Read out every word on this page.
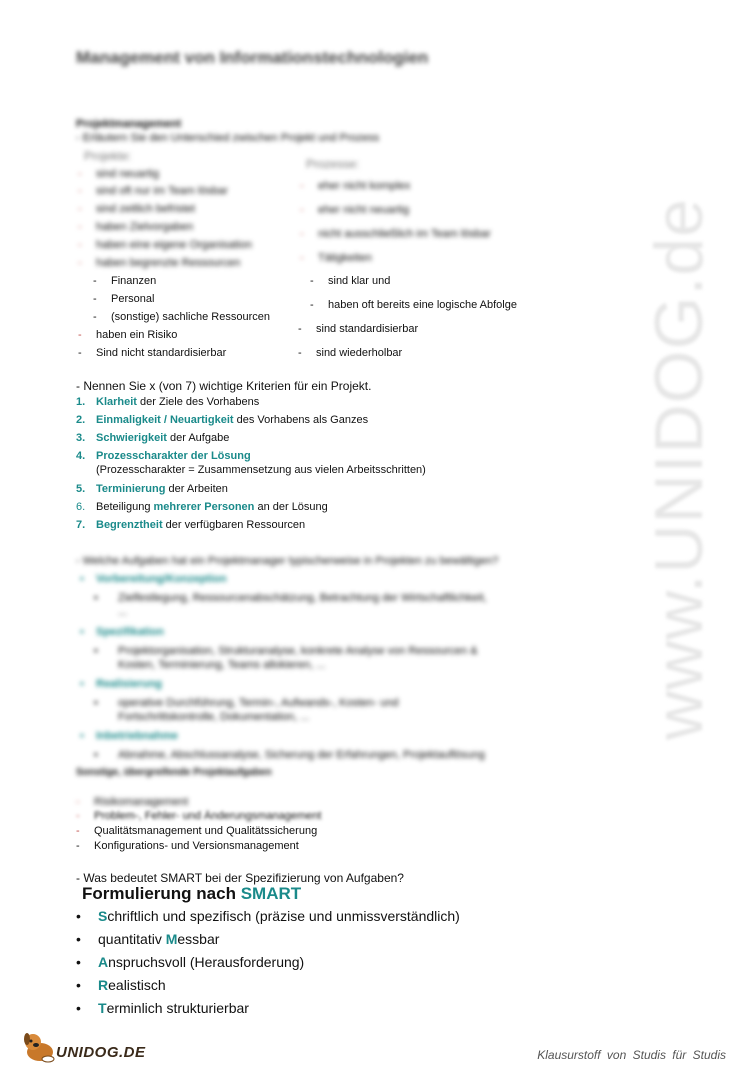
www.UNIDOG.de
Management von Informationstechnologien
Projektmanagement
- Erläutern Sie den Unterschied zwischen Projekt und Prozess
Projekte:
Prozesse:
- sind neuartig
- sind oft nur im Team lösbar
- sind zeitlich befristet
- haben Zielvorgaben
- haben eine eigene Organisation
- haben begrenzte Ressourcen
- Finanzen
- Personal
- (sonstige) sachliche Ressourcen
- haben ein Risiko
- Sind nicht standardisierbar
- eher nicht komplex
- eher nicht neuartig
- nicht ausschließlich im Team lösbar
- Tätigkeiten
- sind klar und
- haben oft bereits eine logische Abfolge
- sind standardisierbar
- sind wiederholbar
- Nennen Sie x (von 7) wichtige Kriterien für ein Projekt.
1. Klarheit der Ziele des Vorhabens
2. Einmaligkeit / Neuartigkeit des Vorhabens als Ganzes
3. Schwierigkeit der Aufgabe
4. Prozesscharakter der Lösung
(Prozesscharakter = Zusammensetzung aus vielen Arbeitsschritten)
5. Terminierung der Arbeiten
6. Beteiligung mehrerer Personen an der Lösung
7. Begrenztheit der verfügbaren Ressourcen
- Welche Aufgaben hat ein Projektmanager typischerweise in Projekten zu bewältigen?
▪ Vorbereitung/Konzeption
▪ Zielfestlegung, Ressourcenabschätzung, Betrachtung der Wirtschaftlichkeit,
...
▪ Spezifikation
▪ Projektorganisation, Strukturanalyse, konkrete Analyse von Ressourcen &
Kosten, Terminierung, Teams allokieren, ...
▪ Realisierung
▪ operative Durchführung, Termin-, Aufwands-, Kosten- und
Fortschrittskontrolle, Dokumentation, ...
▪ Inbetriebnahme
▪ Abnahme, Abschlussanalyse, Sicherung der Erfahrungen, Projektauflösung
Sonstige, übergreifende Projektaufgaben
- Risikomanagement
- Problem-, Fehler- und Änderungsmanagement
- Qualitätsmanagement und Qualitätssicherung
- Konfigurations- und Versionsmanagement
- Was bedeutet SMART bei der Spezifizierung von Aufgaben?
Formulierung nach SMART
• Schriftlich und spezifisch (präzise und unmissverständlich)
• quantitativ Messbar
• Anspruchsvoll (Herausforderung)
• Realistisch
• Terminlich strukturierbar
UNIDOG.DE	Klausurstoff von Studis für Studis
